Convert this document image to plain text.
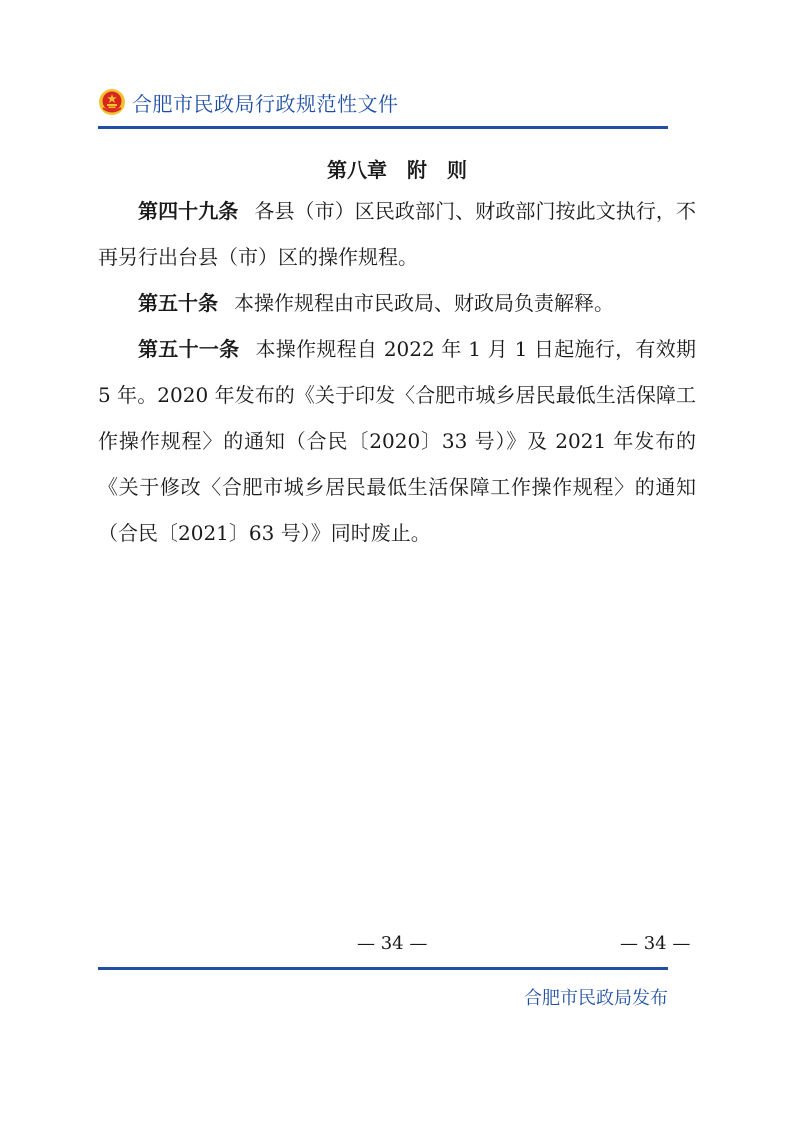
合肥市民政局行政规范性文件
第八章　附　则

第四十九条 各县（市）区民政部门、财政部门按此文执行，不再另行出台县（市）区的操作规程。

第五十条 本操作规程由市民政局、财政局负责解释。

第五十一条 本操作规程自 2022 年 1 月 1 日起施行，有效期 5 年。2020 年发布的《关于印发〈合肥市城乡居民最低生活保障工作操作规程〉的通知（合民〔2020〕33 号）》及 2021 年发布的《关于修改〈合肥市城乡居民最低生活保障工作操作规程〉的通知（合民〔2021〕63 号）》同时废止。

— 34 —	— 34 —
合肥市民政局发布
